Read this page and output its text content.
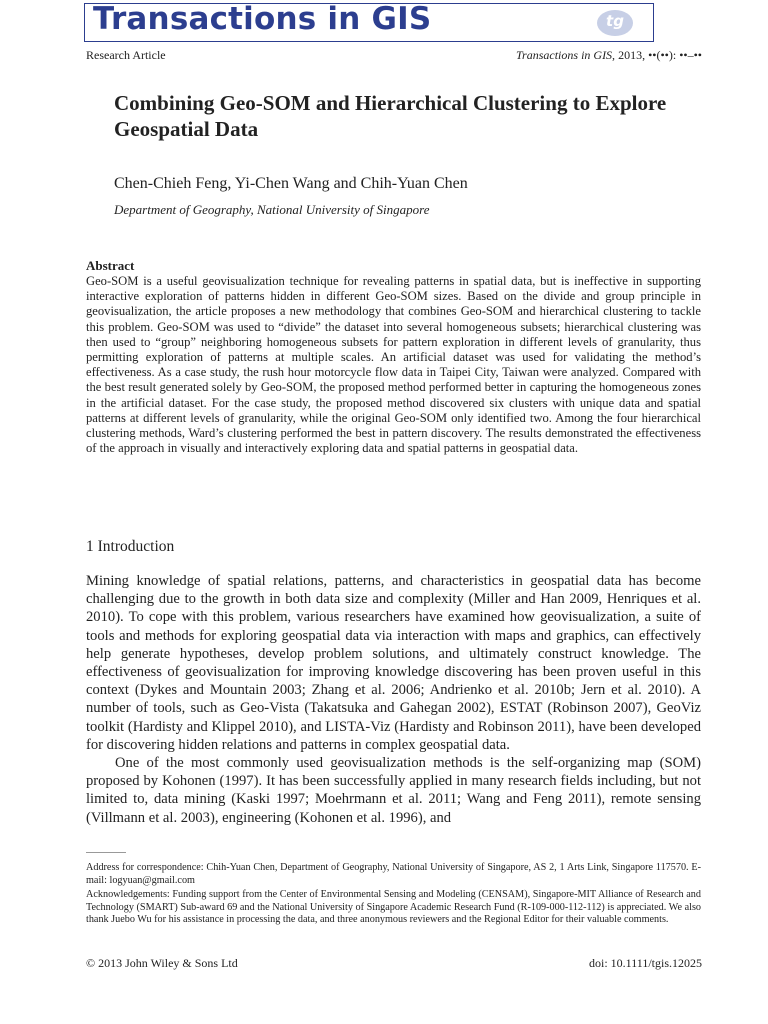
Transactions in GIS	tg
Research Article	Transactions in GIS, 2013, ••(••): ••–••
Combining Geo-SOM and Hierarchical Clustering to Explore Geospatial Data
Chen-Chieh Feng, Yi-Chen Wang and Chih-Yuan Chen
Department of Geography, National University of Singapore
Abstract
Geo-SOM is a useful geovisualization technique for revealing patterns in spatial data, but is ineffective in supporting interactive exploration of patterns hidden in different Geo-SOM sizes. Based on the divide and group principle in geovisualization, the article proposes a new methodology that combines Geo-SOM and hierarchical clustering to tackle this problem. Geo-SOM was used to “divide” the dataset into several homogeneous subsets; hierarchical clustering was then used to “group” neighboring homogeneous subsets for pattern exploration in different levels of granularity, thus permitting exploration of patterns at multiple scales. An artificial dataset was used for validating the method’s effectiveness. As a case study, the rush hour motorcycle flow data in Taipei City, Taiwan were analyzed. Compared with the best result generated solely by Geo-SOM, the proposed method performed better in capturing the homogeneous zones in the artificial dataset. For the case study, the proposed method discovered six clusters with unique data and spatial patterns at different levels of granularity, while the original Geo-SOM only identified two. Among the four hierarchical clustering methods, Ward’s clustering performed the best in pattern discovery. The results demonstrated the effectiveness of the approach in visually and interactively exploring data and spatial patterns in geospatial data.
1 Introduction

Mining knowledge of spatial relations, patterns, and characteristics in geospatial data has become challenging due to the growth in both data size and complexity (Miller and Han 2009, Henriques et al. 2010). To cope with this problem, various researchers have examined how geovisualization, a suite of tools and methods for exploring geospatial data via interaction with maps and graphics, can effectively help generate hypotheses, develop problem solutions, and ultimately construct knowledge. The effectiveness of geovisualization for improving knowledge discovering has been proven useful in this context (Dykes and Mountain 2003; Zhang et al. 2006; Andrienko et al. 2010b; Jern et al. 2010). A number of tools, such as Geo-Vista (Takatsuka and Gahegan 2002), ESTAT (Robinson 2007), GeoViz toolkit (Hardisty and Klippel 2010), and LISTA-Viz (Hardisty and Robinson 2011), have been developed for discovering hidden relations and patterns in complex geospatial data.

One of the most commonly used geovisualization methods is the self-organizing map (SOM) proposed by Kohonen (1997). It has been successfully applied in many research fields including, but not limited to, data mining (Kaski 1997; Moehrmann et al. 2011; Wang and Feng 2011), remote sensing (Villmann et al. 2003), engineering (Kohonen et al. 1996), and

Address for correspondence: Chih-Yuan Chen, Department of Geography, National University of Singapore, AS 2, 1 Arts Link, Singapore 117570. E-mail: logyuan@gmail.com

Acknowledgements: Funding support from the Center of Environmental Sensing and Modeling (CENSAM), Singapore-MIT Alliance of Research and Technology (SMART) Sub-award 69 and the National University of Singapore Academic Research Fund (R-109-000-112-112) is appreciated. We also thank Juebo Wu for his assistance in processing the data, and three anonymous reviewers and the Regional Editor for their valuable comments.

© 2013 John Wiley & Sons Ltd	doi: 10.1111/tgis.12025
